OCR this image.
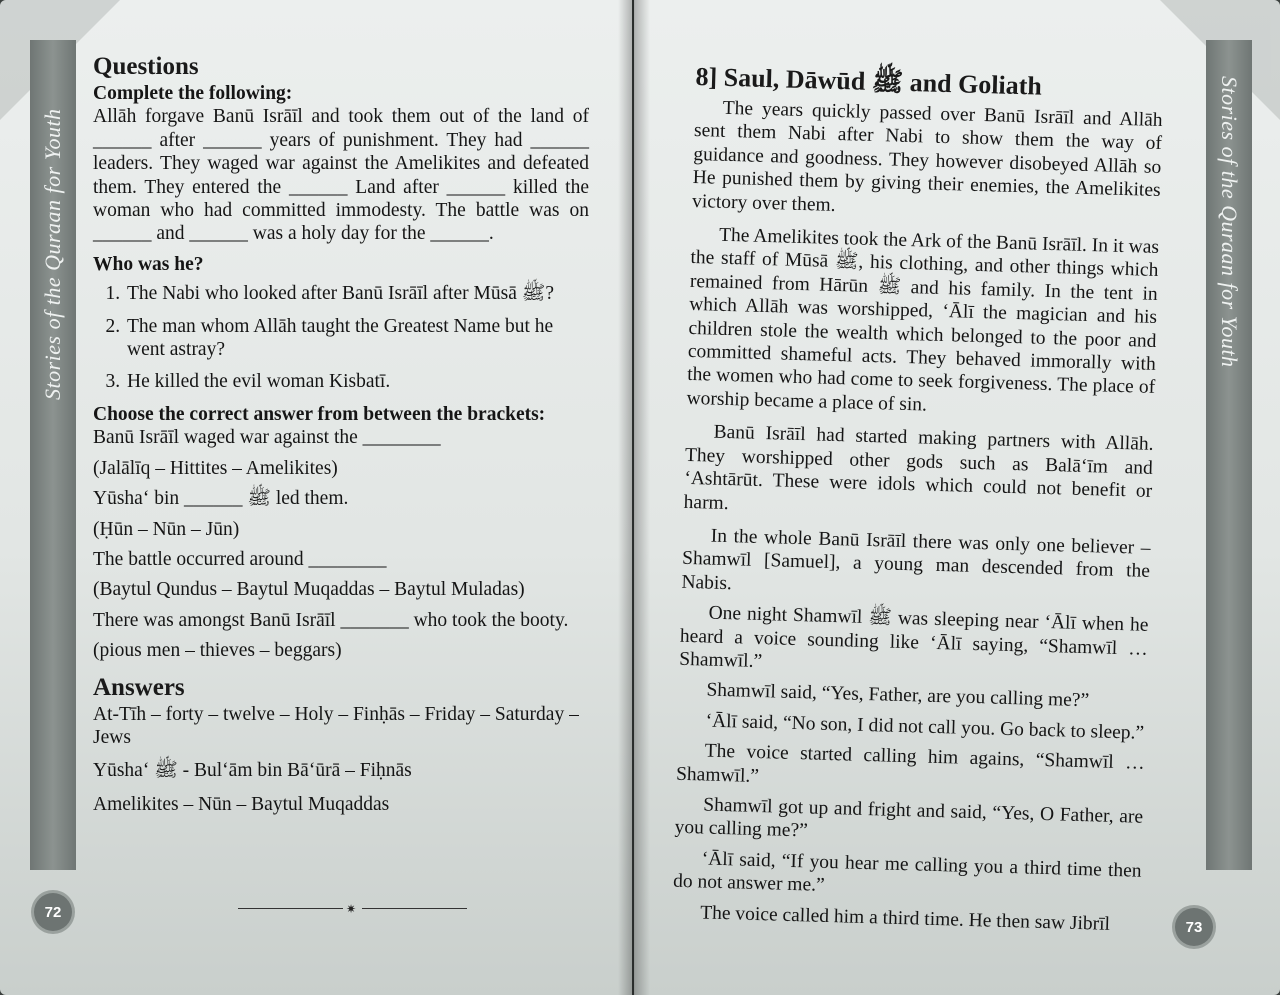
Stories of the Quraan for Youth	Stories of the Quraan for Youth
72
73
Questions

Complete the following:

Allāh forgave Banū Isrāīl and took them out of the land of ______ after ______ years of punishment. They had ______ leaders. They waged war against the Amelikites and defeated them. They entered the ______ Land after ______ killed the woman who had committed immodesty. The battle was on ______ and ______ was a holy day for the ______.

Who was he?

1. The Nabi who looked after Banū Isrāīl after Mūsā ﷺ?
2. The man whom Allāh taught the Greatest Name but he went astray?
3. He killed the evil woman Kisbatī.

Choose the correct answer from between the brackets:

Banū Isrāīl waged war against the ________

(Jalālīq – Hittites – Amelikites)

Yūsha‘ bin ______ ﷺ led them.

(Ḥūn – Nūn – Jūn)

The battle occurred around ________

(Baytul Qundus – Baytul Muqaddas – Baytul Muladas)

There was amongst Banū Isrāīl _______ who took the booty.

(pious men – thieves – beggars)

Answers

At-Tīh – forty – twelve – Holy – Finḥās – Friday – Saturday – Jews

Yūsha‘ ﷺ - Bul‘ām bin Bā‘ūrā – Fiḥnās

Amelikites – Nūn – Baytul Muqaddas

✷
8] Saul, Dāwūd ﷺ and Goliath

The years quickly passed over Banū Isrāīl and Allāh sent them Nabi after Nabi to show them the way of guidance and goodness. They however disobeyed Allāh so He punished them by giving their enemies, the Amelikites victory over them.

The Amelikites took the Ark of the Banū Isrāīl. In it was the staff of Mūsā ﷺ, his clothing, and other things which remained from Hārūn ﷺ and his family. In the tent in which Allāh was worshipped, ‘Ālī the magician and his children stole the wealth which belonged to the poor and committed shameful acts. They behaved immorally with the women who had come to seek forgiveness. The place of worship became a place of sin.

Banū Isrāīl had started making partners with Allāh. They worshipped other gods such as Balā‘īm and ‘Ashtārūt. These were idols which could not benefit or harm.

In the whole Banū Isrāīl there was only one believer – Shamwīl [Samuel], a young man descended from the Nabis.

One night Shamwīl ﷺ was sleeping near ‘Ālī when he heard a voice sounding like ‘Ālī saying, “Shamwīl … Shamwīl.”

Shamwīl said, “Yes, Father, are you calling me?”

‘Ālī said, “No son, I did not call you. Go back to sleep.”

The voice started calling him agains, “Shamwīl … Shamwīl.”

Shamwīl got up and fright and said, “Yes, O Father, are you calling me?”

‘Ālī said, “If you hear me calling you a third time then do not answer me.”

The voice called him a third time. He then saw Jibrīl
